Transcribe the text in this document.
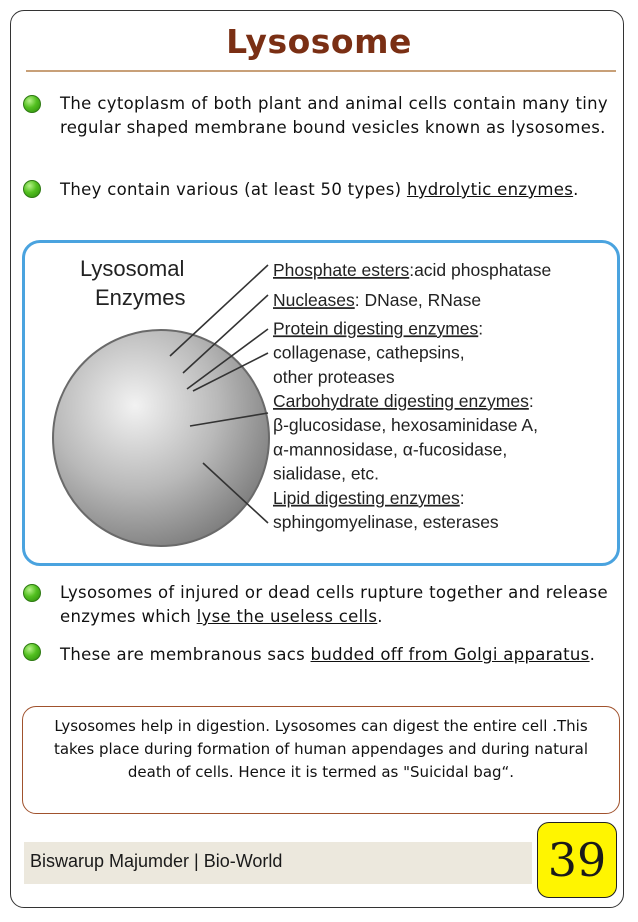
Lysosome
The cytoplasm of both plant and animal cells contain many tiny regular shaped membrane bound vesicles known as lysosomes.
They contain various (at least 50 types) hydrolytic enzymes.
Lysosomal
Enzymes
Phosphate esters:acid phosphatase
Nucleases: DNase, RNase
Protein digesting enzymes:
collagenase, cathepsins,
other proteases
Carbohydrate digesting enzymes:
β-glucosidase, hexosaminidase A,
α-mannosidase, α-fucosidase,
sialidase, etc.
Lipid digesting enzymes:
sphingomyelinase, esterases
Lysosomes of injured or dead cells rupture together and release enzymes which lyse the useless cells.
These are membranous sacs budded off from Golgi apparatus.
Lysosomes help in digestion. Lysosomes can digest the entire cell .This takes place during formation of human appendages and during natural death of cells. Hence it is termed as "Suicidal bag“.
Biswarup Majumder | Bio-World	39
